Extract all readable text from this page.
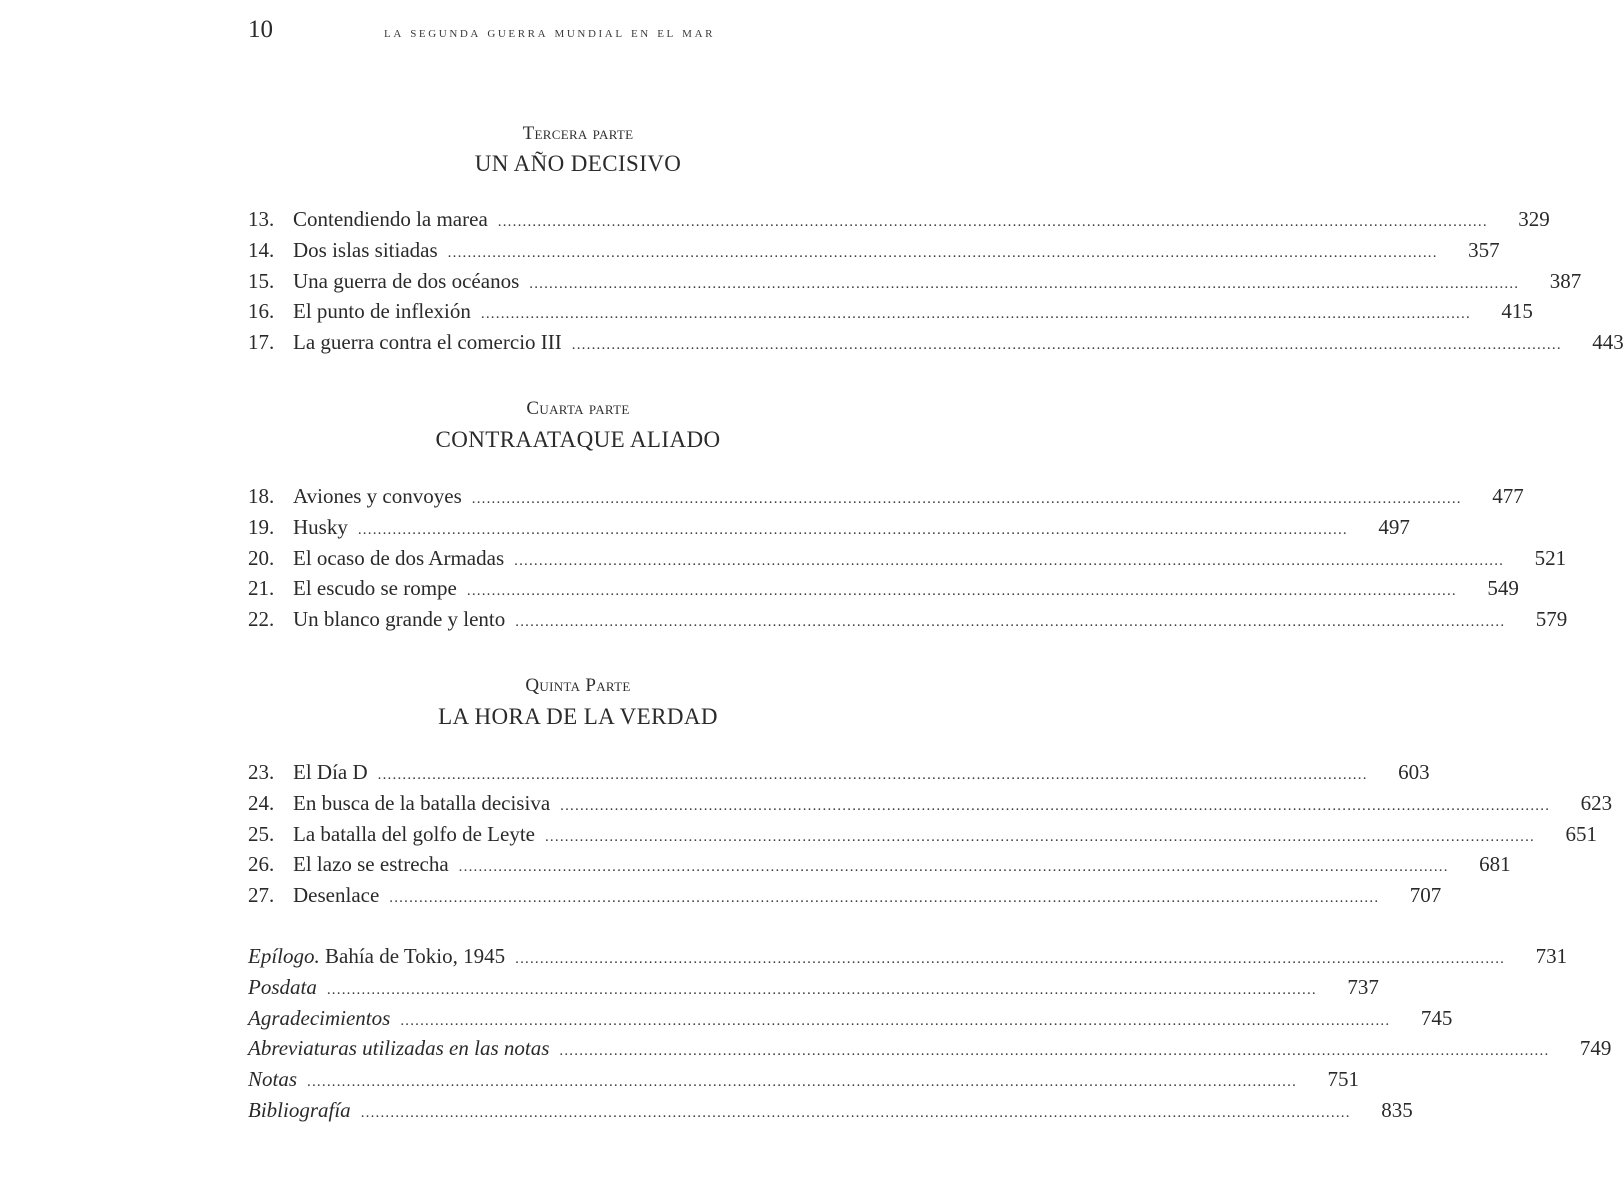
10	la segunda guerra mundial en el mar
Tercera parte
UN AÑO DECISIVO
13. Contendiendo la marea ........................................................................................................................................................................................................ 329
14. Dos islas sitiadas ........................................................................................................................................................................................................ 357
15. Una guerra de dos océanos ........................................................................................................................................................................................................ 387
16. El punto de inflexión ........................................................................................................................................................................................................ 415
17. La guerra contra el comercio III ........................................................................................................................................................................................................ 443
Cuarta parte
CONTRAATAQUE ALIADO
18. Aviones y convoyes ........................................................................................................................................................................................................ 477
19. Husky ........................................................................................................................................................................................................ 497
20. El ocaso de dos Armadas ........................................................................................................................................................................................................ 521
21. El escudo se rompe ........................................................................................................................................................................................................ 549
22. Un blanco grande y lento ........................................................................................................................................................................................................ 579
Quinta Parte
LA HORA DE LA VERDAD
23. El Día D ........................................................................................................................................................................................................ 603
24. En busca de la batalla decisiva ........................................................................................................................................................................................................ 623
25. La batalla del golfo de Leyte ........................................................................................................................................................................................................ 651
26. El lazo se estrecha ........................................................................................................................................................................................................ 681
27. Desenlace ........................................................................................................................................................................................................ 707
Epílogo. Bahía de Tokio, 1945 ........................................................................................................................................................................................................ 731
Posdata ........................................................................................................................................................................................................ 737
Agradecimientos ........................................................................................................................................................................................................ 745
Abreviaturas utilizadas en las notas ........................................................................................................................................................................................................ 749
Notas ........................................................................................................................................................................................................ 751
Bibliografía ........................................................................................................................................................................................................ 835
